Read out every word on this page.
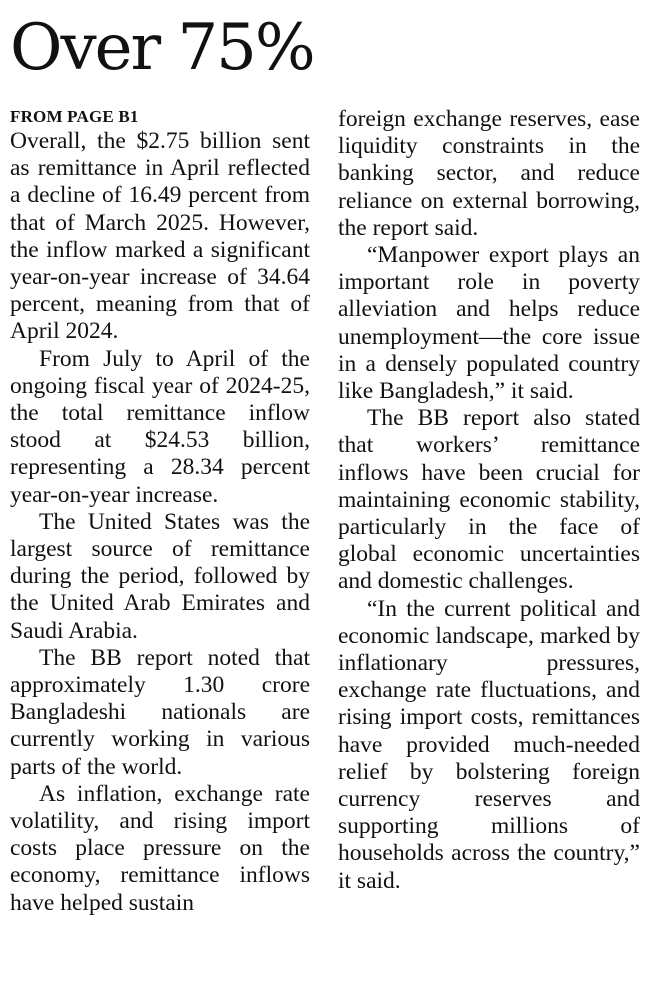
Over 75%
FROM PAGE B1

Overall, the $2.75 billion sent as remittance in April reflected a decline of 16.49 percent from that of March 2025. However, the inflow marked a significant year-on-year increase of 34.64 percent, meaning from that of April 2024.

From July to April of the ongoing fiscal year of 2024-25, the total remittance inflow stood at $24.53 billion, representing a 28.34 percent year-on-year increase.

The United States was the largest source of remittance during the period, followed by the United Arab Emirates and Saudi Arabia.

The BB report noted that approximately 1.30 crore Bangladeshi nationals are currently working in various parts of the world.

As inflation, exchange rate volatility, and rising import costs place pressure on the economy, remittance inflows have helped sustain

foreign exchange reserves, ease liquidity constraints in the banking sector, and reduce reliance on external borrowing, the report said.

“Manpower export plays an important role in poverty alleviation and helps reduce unemployment—the core issue in a densely populated country like Bangladesh,” it said.

The BB report also stated that workers’ remittance inflows have been crucial for maintaining economic stability, particularly in the face of global economic uncertainties and domestic challenges.

“In the current political and economic landscape, marked by inflationary pressures, exchange rate fluctuations, and rising import costs, remittances have provided much-needed relief by bolstering foreign currency reserves and supporting millions of households across the country,” it said.
